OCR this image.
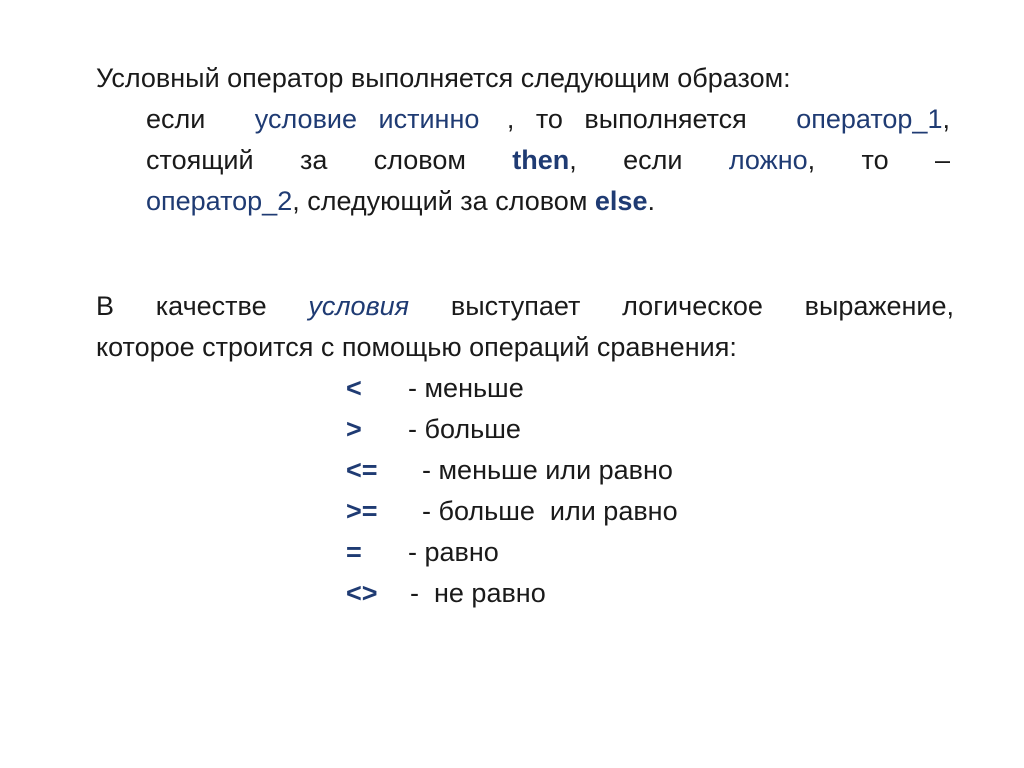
Условный оператор выполняется следующим образом:

если условие истинно , то выполняется оператор_1,
стоящий за словом then, если ложно, то –
оператор_2, следующий за словом else.
В качестве условия выступает логическое выражение,
которое строится с помощью операций сравнения:
< - меньше
> - больше
<= - меньше или равно
>= - больше  или равно
= - равно
<> -  не равно
